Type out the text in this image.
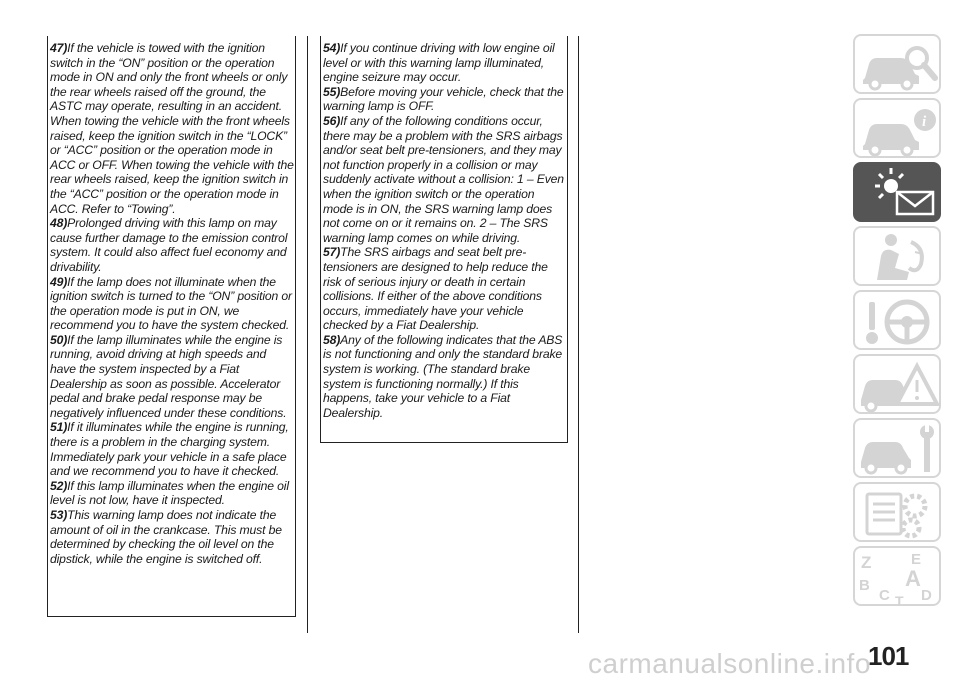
47)If the vehicle is towed with the ignition switch in the “ON” position or the operation mode in ON and only the front wheels or only the rear wheels raised off the ground, the ASTC may operate, resulting in an accident. When towing the vehicle with the front wheels raised, keep the ignition switch in the “LOCK” or “ACC” position or the operation mode in ACC or OFF. When towing the vehicle with the rear wheels raised, keep the ignition switch in the “ACC” position or the operation mode in ACC. Refer to “Towing”.

48)Prolonged driving with this lamp on may cause further damage to the emission control system. It could also affect fuel economy and drivability.

49)If the lamp does not illuminate when the ignition switch is turned to the “ON” position or the operation mode is put in ON, we recommend you to have the system checked.

50)If the lamp illuminates while the engine is running, avoid driving at high speeds and have the system inspected by a Fiat Dealership as soon as possible. Accelerator pedal and brake pedal response may be negatively influenced under these conditions.

51)If it illuminates while the engine is running, there is a problem in the charging system. Immediately park your vehicle in a safe place and we recommend you to have it checked.

52)If this lamp illuminates when the engine oil level is not low, have it inspected.

53)This warning lamp does not indicate the amount of oil in the crankcase. This must be determined by checking the oil level on the dipstick, while the engine is switched off.

54)If you continue driving with low engine oil level or with this warning lamp illuminated, engine seizure may occur.

55)Before moving your vehicle, check that the warning lamp is OFF.

56)If any of the following conditions occur, there may be a problem with the SRS airbags and/or seat belt pre-tensioners, and they may not function properly in a collision or may suddenly activate without a collision: 1 – Even when the ignition switch or the operation mode is in ON, the SRS warning lamp does not come on or it remains on. 2 – The SRS warning lamp comes on while driving.

57)The SRS airbags and seat belt pre-tensioners are designed to help reduce the risk of serious injury or death in certain collisions. If either of the above conditions occurs, immediately have your vehicle checked by a Fiat Dealership.

58)Any of the following indicates that the ABS is not functioning and only the standard brake system is working. (The standard brake system is functioning normally.) If this happens, take your vehicle to a Fiat Dealership.

i
Z	E
B A
C D
T
carmanualsonline.info
101
